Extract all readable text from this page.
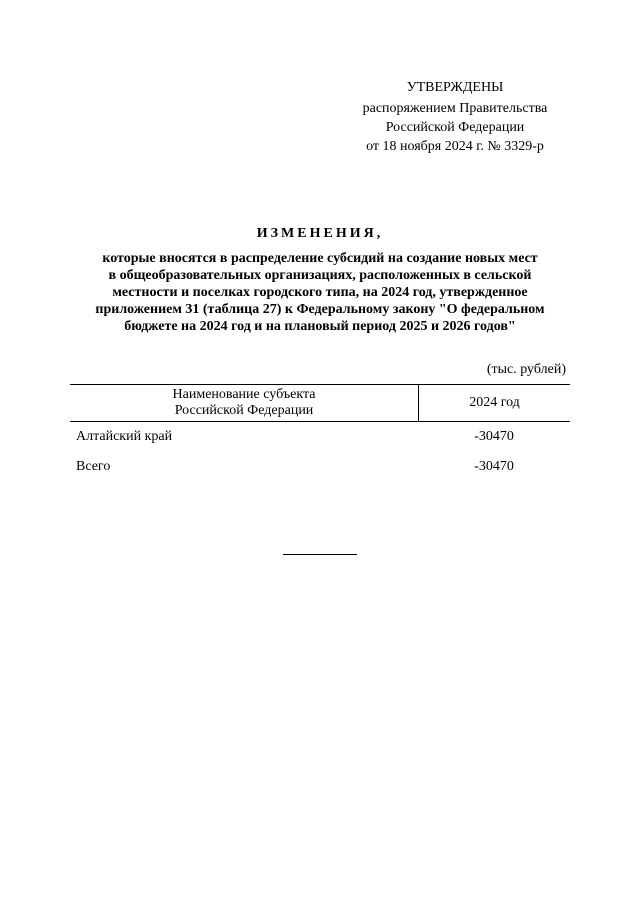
УТВЕРЖДЕНЫ
распоряжением Правительства
Российской Федерации
от 18 ноября 2024 г. № 3329-р
ИЗМЕНЕНИЯ,
которые вносятся в распределение субсидий на создание новых мест
в общеобразовательных организациях, расположенных в сельской
местности и поселках городского типа, на 2024 год, утвержденное
приложением 31 (таблица 27) к Федеральному закону "О федеральном
бюджете на 2024 год и на плановый период 2025 и 2026 годов"
(тыс. рублей)
Наименование субъекта
Российской Федерации
2024 год
Алтайский край	-30470
Всего	-30470
